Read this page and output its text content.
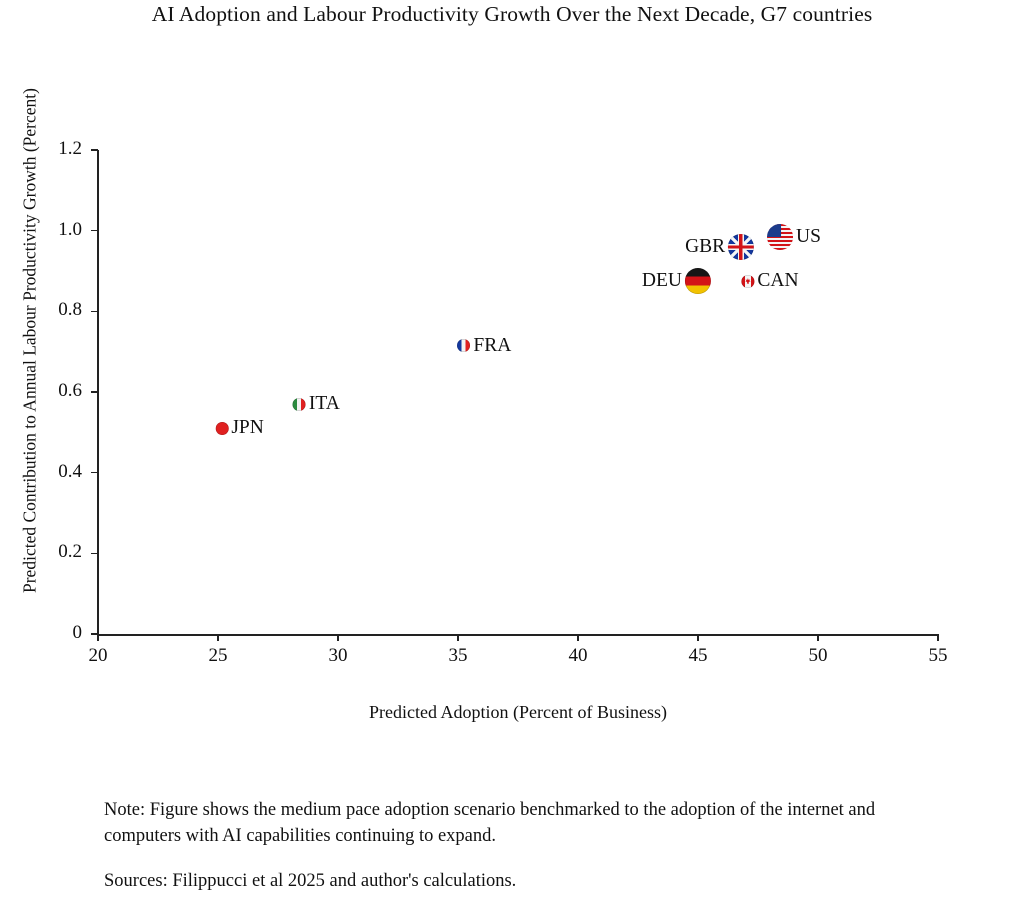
AI Adoption and Labour Productivity Growth Over the Next Decade, G7 countries
Predicted Contribution to Annual Labour Productivity Growth (Percent)
Predicted Adoption (Percent of Business)
20	25	30	35	40	45	50	55
0
0.2
0.4
0.6
0.8
1.0
1.2
JPN
ITA
FRA
DEU
GBR
CAN
US
Note: Figure shows the medium pace adoption scenario benchmarked to the adoption of the internet and computers with AI capabilities continuing to expand.
Sources: Filippucci et al 2025 and author's calculations.
